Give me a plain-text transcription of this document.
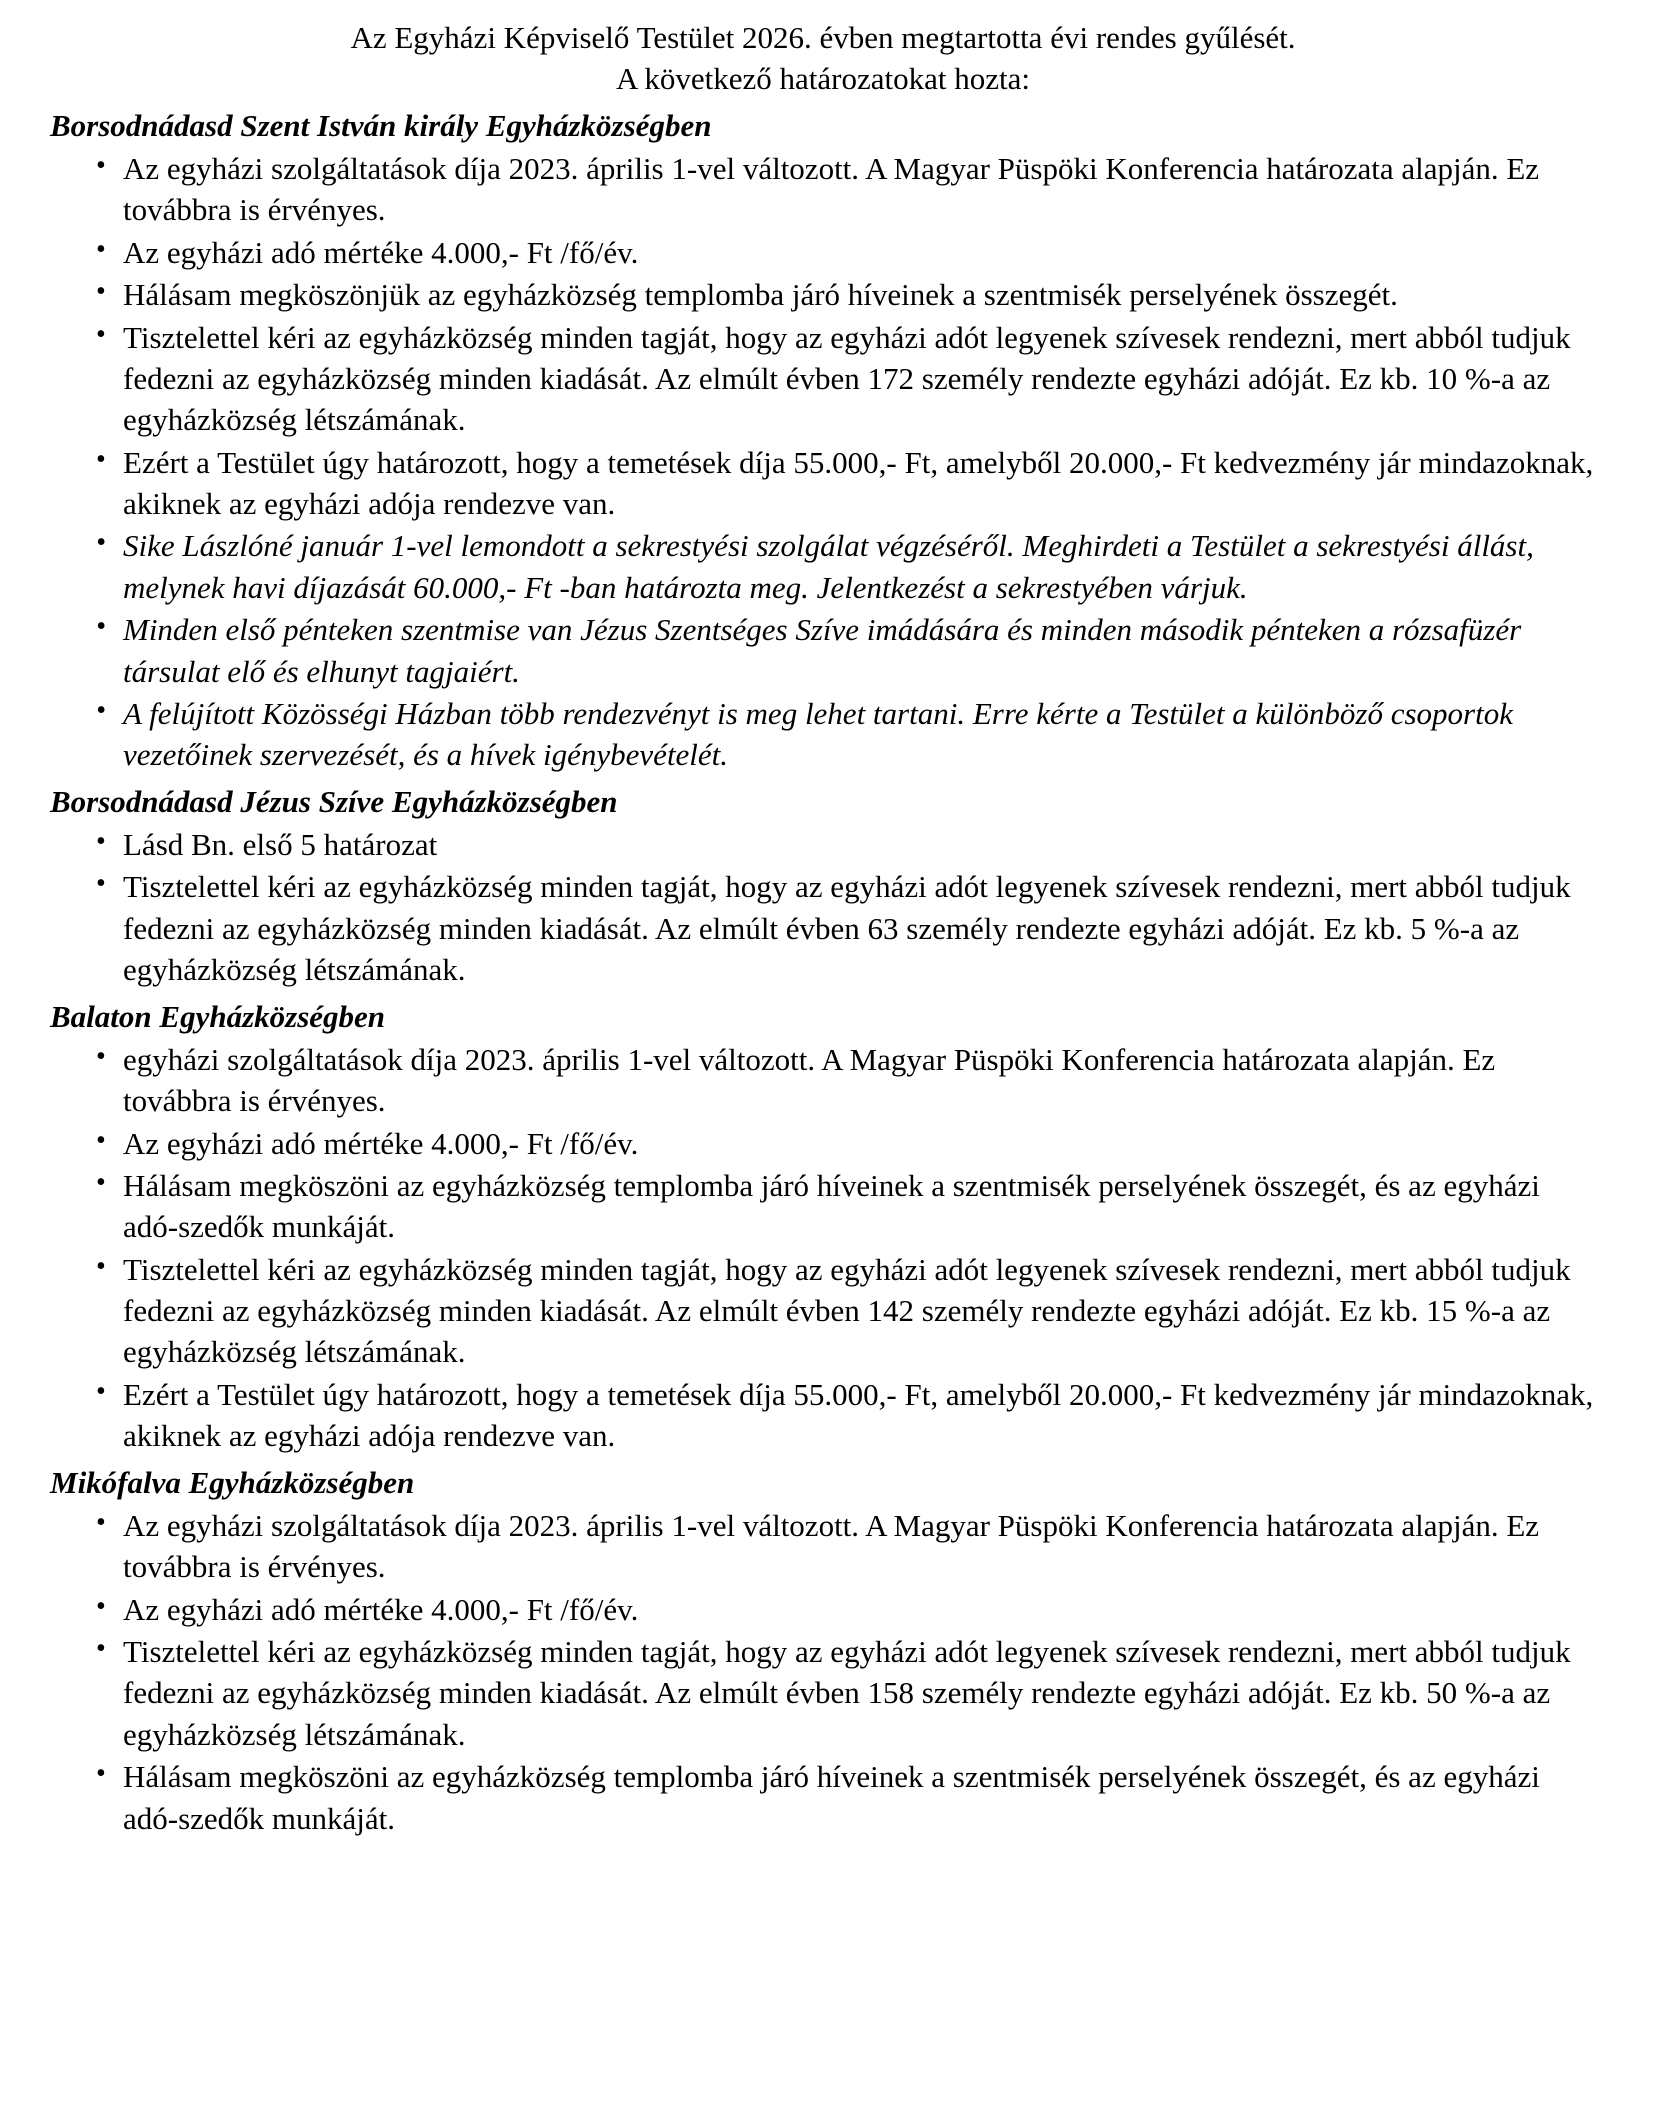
Az Egyházi Képviselő Testület 2026. évben megtartotta évi rendes gyűlését.
A következő határozatokat hozta:
Borsodnádasd Szent István király Egyházközségben
• Az egyházi szolgáltatások díja 2023. április 1-vel változott. A Magyar Püspöki Konferencia határozata alapján. Ez továbbra is érvényes.
• Az egyházi adó mértéke 4.000,- Ft /fő/év.
• Hálásam megköszönjük az egyházközség templomba járó híveinek a szentmisék perselyének összegét.
• Tisztelettel kéri az egyházközség minden tagját, hogy az egyházi adót legyenek szívesek rendezni, mert abból tudjuk fedezni az egyházközség minden kiadását. Az elmúlt évben 172 személy rendezte egyházi adóját. Ez kb. 10 %-a az egyházközség létszámának.
• Ezért a Testület úgy határozott, hogy a temetések díja 55.000,- Ft, amelyből 20.000,- Ft kedvezmény jár mindazoknak, akiknek az egyházi adója rendezve van.
• Sike Lászlóné január 1-vel lemondott a sekrestyési szolgálat végzéséről. Meghirdeti a Testület a sekrestyési állást, melynek havi díjazását 60.000,- Ft -ban határozta meg. Jelentkezést a sekrestyében várjuk.
• Minden első pénteken szentmise van Jézus Szentséges Szíve imádására és minden második pénteken a rózsafüzér társulat elő és elhunyt tagjaiért.
• A felújított Közösségi Házban több rendezvényt is meg lehet tartani. Erre kérte a Testület a különböző csoportok vezetőinek szervezését, és a hívek igénybevételét.
Borsodnádasd Jézus Szíve Egyházközségben
• Lásd Bn. első 5 határozat
• Tisztelettel kéri az egyházközség minden tagját, hogy az egyházi adót legyenek szívesek rendezni, mert abból tudjuk fedezni az egyházközség minden kiadását. Az elmúlt évben 63 személy rendezte egyházi adóját. Ez kb. 5 %-a az egyházközség létszámának.
Balaton Egyházközségben
• egyházi szolgáltatások díja 2023. április 1-vel változott. A Magyar Püspöki Konferencia határozata alapján. Ez továbbra is érvényes.
• Az egyházi adó mértéke 4.000,- Ft /fő/év.
• Hálásam megköszöni az egyházközség templomba járó híveinek a szentmisék perselyének összegét, és az egyházi adó-szedők munkáját.
• Tisztelettel kéri az egyházközség minden tagját, hogy az egyházi adót legyenek szívesek rendezni, mert abból tudjuk fedezni az egyházközség minden kiadását. Az elmúlt évben 142 személy rendezte egyházi adóját. Ez kb. 15 %-a az egyházközség létszámának.
• Ezért a Testület úgy határozott, hogy a temetések díja 55.000,- Ft, amelyből 20.000,- Ft kedvezmény jár mindazoknak, akiknek az egyházi adója rendezve van.
Mikófalva Egyházközségben
• Az egyházi szolgáltatások díja 2023. április 1-vel változott. A Magyar Püspöki Konferencia határozata alapján. Ez továbbra is érvényes.
• Az egyházi adó mértéke 4.000,- Ft /fő/év.
• Tisztelettel kéri az egyházközség minden tagját, hogy az egyházi adót legyenek szívesek rendezni, mert abból tudjuk fedezni az egyházközség minden kiadását. Az elmúlt évben 158 személy rendezte egyházi adóját. Ez kb. 50 %-a az egyházközség létszámának.
• Hálásam megköszöni az egyházközség templomba járó híveinek a szentmisék perselyének összegét, és az egyházi adó-szedők munkáját.
